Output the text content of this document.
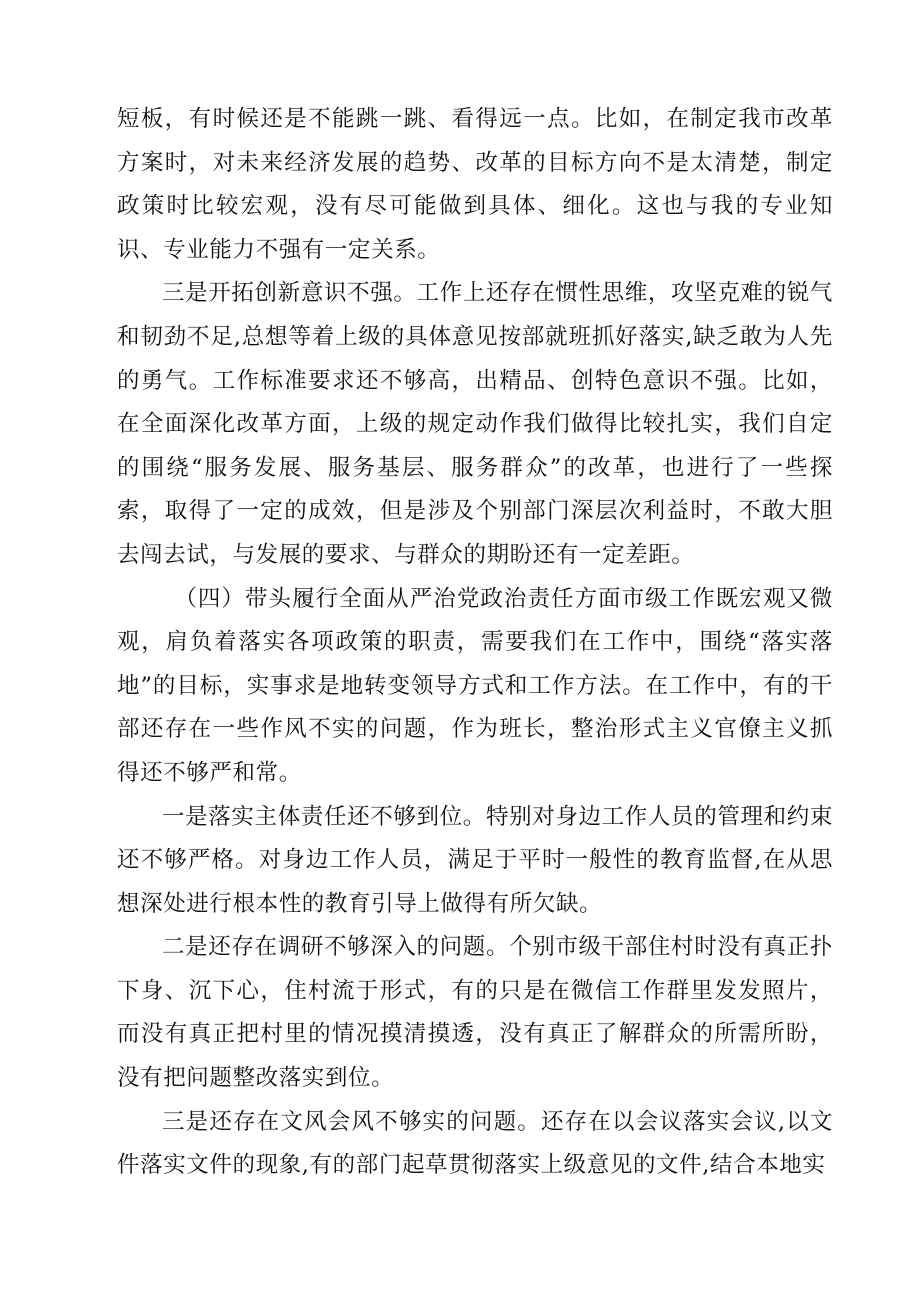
短板，有时候还是不能跳一跳、看得远一点。比如，在制定我市改革方案时，对未来经济发展的趋势、改革的目标方向不是太清楚，制定政策时比较宏观，没有尽可能做到具体、细化。这也与我的专业知识、专业能力不强有一定关系。

三是开拓创新意识不强。工作上还存在惯性思维，攻坚克难的锐气和韧劲不足,总想等着上级的具体意见按部就班抓好落实,缺乏敢为人先的勇气。工作标准要求还不够高，出精品、创特色意识不强。比如，在全面深化改革方面，上级的规定动作我们做得比较扎实，我们自定的围绕“服务发展、服务基层、服务群众”的改革，也进行了一些探索，取得了一定的成效，但是涉及个别部门深层次利益时，不敢大胆去闯去试，与发展的要求、与群众的期盼还有一定差距。

（四）带头履行全面从严治党政治责任方面市级工作既宏观又微观，肩负着落实各项政策的职责，需要我们在工作中，围绕“落实落地”的目标，实事求是地转变领导方式和工作方法。在工作中，有的干部还存在一些作风不实的问题，作为班长，整治形式主义官僚主义抓得还不够严和常。

一是落实主体责任还不够到位。特别对身边工作人员的管理和约束还不够严格。对身边工作人员，满足于平时一般性的教育监督,在从思想深处进行根本性的教育引导上做得有所欠缺。

二是还存在调研不够深入的问题。个别市级干部住村时没有真正扑下身、沉下心，住村流于形式，有的只是在微信工作群里发发照片，而没有真正把村里的情况摸清摸透，没有真正了解群众的所需所盼，没有把问题整改落实到位。

三是还存在文风会风不够实的问题。还存在以会议落实会议,以文件落实文件的现象,有的部门起草贯彻落实上级意见的文件,结合本地实
